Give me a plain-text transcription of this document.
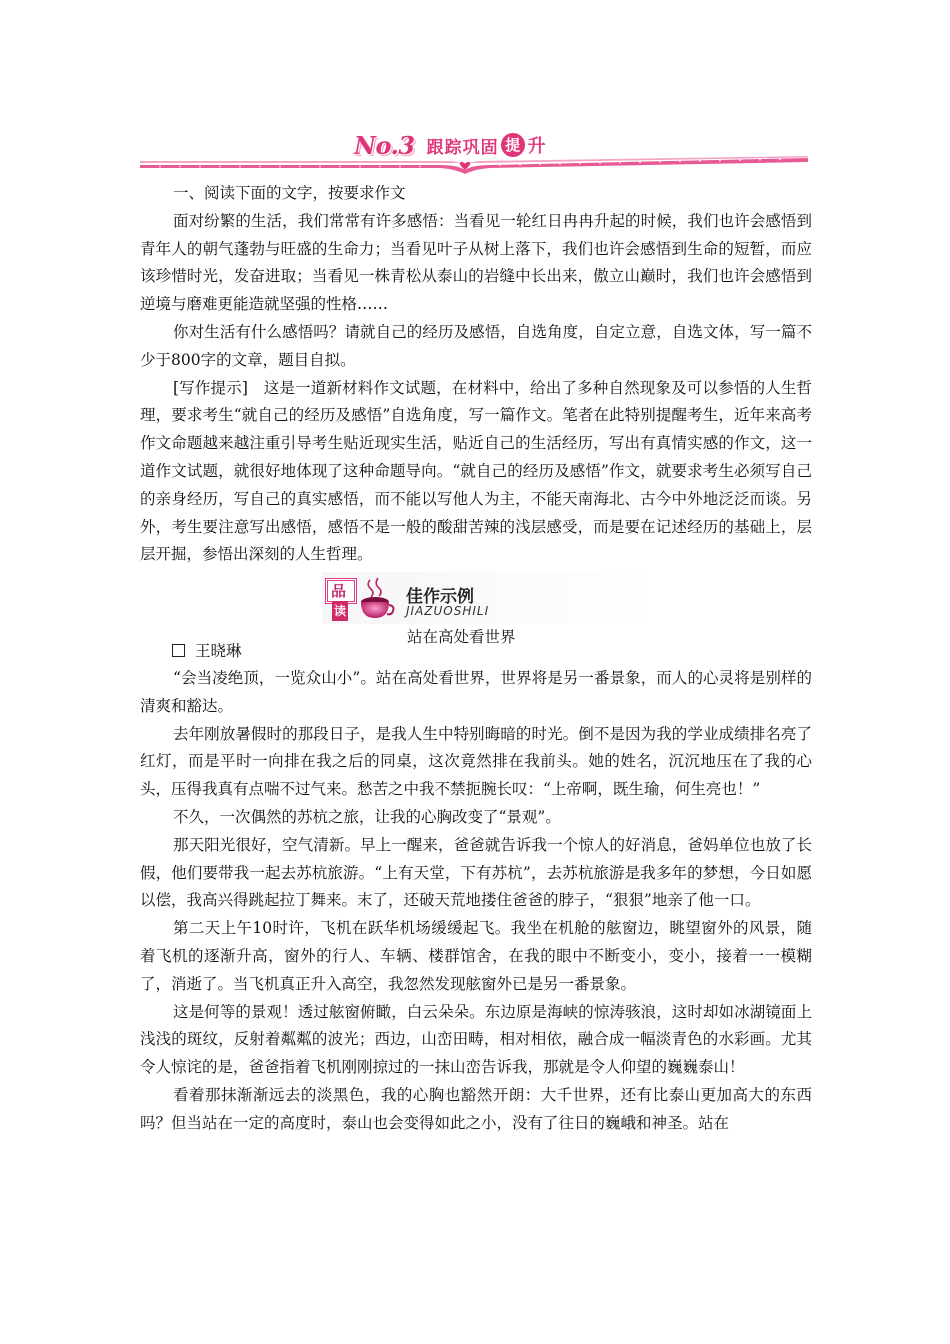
No.3 跟踪巩固 提 升

一、阅读下面的文字，按要求作文

面对纷繁的生活，我们常常有许多感悟：当看见一轮红日冉冉升起的时候，我们也许会感悟到青年人的朝气蓬勃与旺盛的生命力；当看见叶子从树上落下，我们也许会感悟到生命的短暂，而应该珍惜时光，发奋进取；当看见一株青松从泰山的岩缝中长出来，傲立山巅时，我们也许会感悟到逆境与磨难更能造就坚强的性格……

你对生活有什么感悟吗？请就自己的经历及感悟，自选角度，自定立意，自选文体，写一篇不少于800字的文章，题目自拟。

[写作提示]　这是一道新材料作文试题，在材料中，给出了多种自然现象及可以参悟的人生哲理，要求考生“就自己的经历及感悟”自选角度，写一篇作文。笔者在此特别提醒考生，近年来高考作文命题越来越注重引导考生贴近现实生活，贴近自己的生活经历，写出有真情实感的作文，这一道作文试题，就很好地体现了这种命题导向。“就自己的经历及感悟”作文，就要求考生必须写自己的亲身经历，写自己的真实感悟，而不能以写他人为主，不能天南海北、古今中外地泛泛而谈。另外，考生要注意写出感悟，感悟不是一般的酸甜苦辣的浅层感受，而是要在记述经历的基础上，层层开掘，参悟出深刻的人生哲理。

品
读
佳作示例
JIAZUOSHILI
站在高处看世界
王晓琳

“会当凌绝顶，一览众山小”。站在高处看世界，世界将是另一番景象，而人的心灵将是别样的清爽和豁达。

去年刚放暑假时的那段日子，是我人生中特别晦暗的时光。倒不是因为我的学业成绩排名亮了红灯，而是平时一向排在我之后的同桌，这次竟然排在我前头。她的姓名，沉沉地压在了我的心头，压得我真有点喘不过气来。愁苦之中我不禁扼腕长叹：“上帝啊，既生瑜，何生亮也！”

不久，一次偶然的苏杭之旅，让我的心胸改变了“景观”。

那天阳光很好，空气清新。早上一醒来，爸爸就告诉我一个惊人的好消息，爸妈单位也放了长假，他们要带我一起去苏杭旅游。“上有天堂，下有苏杭”，去苏杭旅游是我多年的梦想，今日如愿以偿，我高兴得跳起拉丁舞来。末了，还破天荒地搂住爸爸的脖子，“狠狠”地亲了他一口。

第二天上午10时许，飞机在跃华机场缓缓起飞。我坐在机舱的舷窗边，眺望窗外的风景，随着飞机的逐渐升高，窗外的行人、车辆、楼群馆舍，在我的眼中不断变小，变小，接着一一模糊了，消逝了。当飞机真正升入高空，我忽然发现舷窗外已是另一番景象。

这是何等的景观！透过舷窗俯瞰，白云朵朵。东边原是海峡的惊涛骇浪，这时却如冰湖镜面上浅浅的斑纹，反射着粼粼的波光；西边，山峦田畴，相对相依，融合成一幅淡青色的水彩画。尤其令人惊诧的是，爸爸指着飞机刚刚掠过的一抹山峦告诉我，那就是令人仰望的巍巍泰山！

看着那抹渐渐远去的淡黑色，我的心胸也豁然开朗：大千世界，还有比泰山更加高大的东西吗？但当站在一定的高度时，泰山也会变得如此之小，没有了往日的巍峨和神圣。站在
